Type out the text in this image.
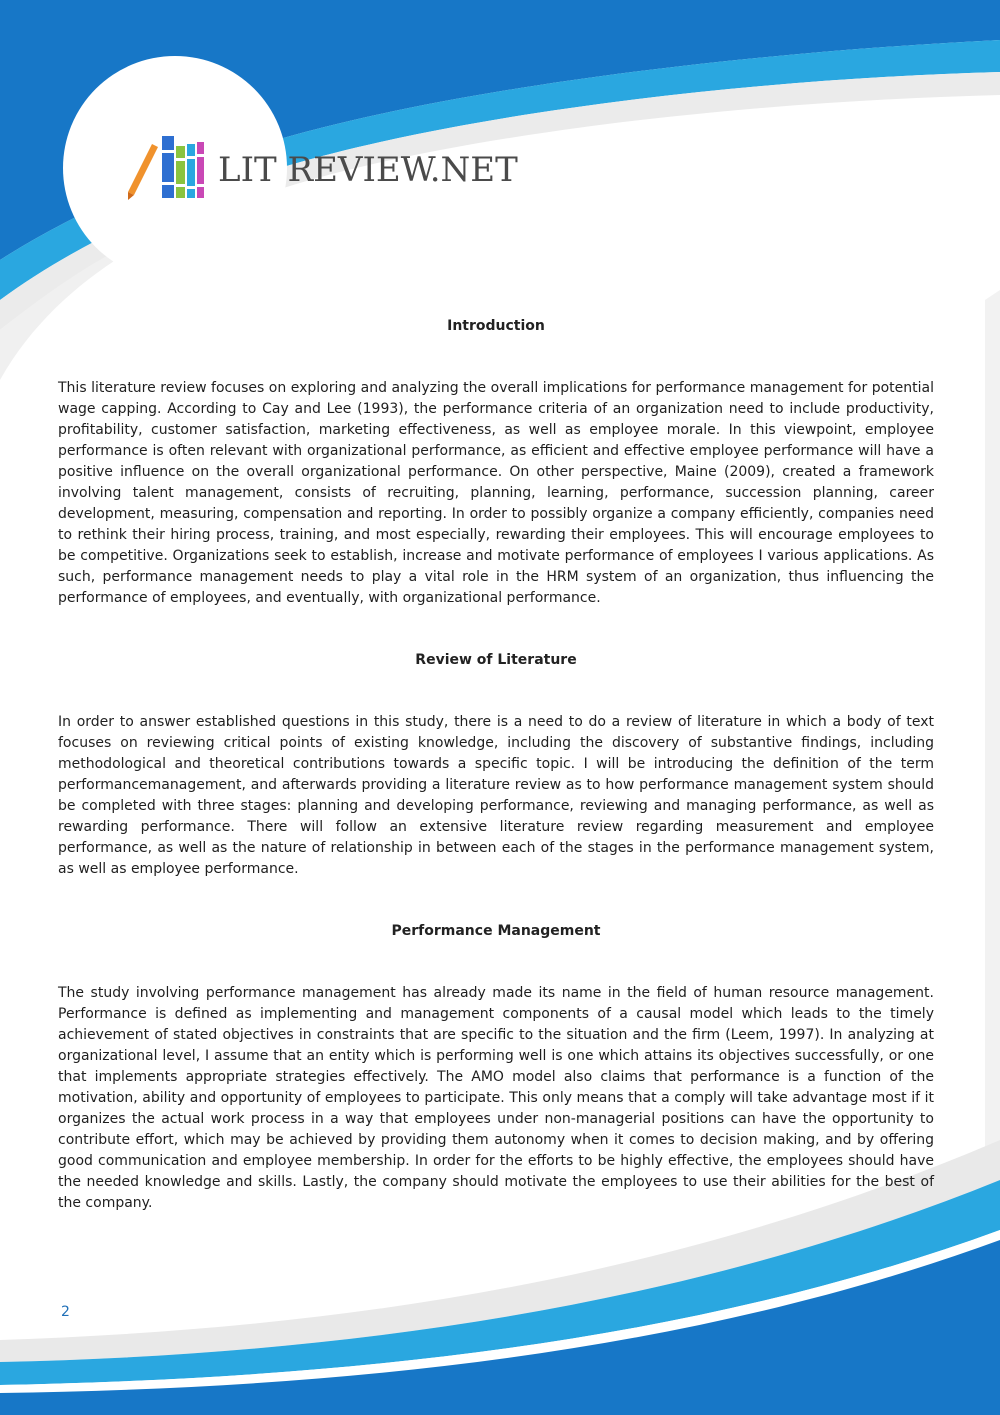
LIT REVIEW.NET
Introduction

This literature review focuses on exploring and analyzing the overall implications for performance management for potential wage capping. According to Cay and Lee (1993), the performance criteria of an organization need to include productivity, profitability, customer satisfaction, marketing effectiveness, as well as employee morale. In this viewpoint, employee performance is often relevant with organizational performance, as efficient and effective employee performance will have a positive influence on the overall organizational performance. On other perspective, Maine (2009), created a framework involving talent management, consists of recruiting, planning, learning, performance, succession planning, career development, measuring, compensation and reporting. In order to possibly organize a company efficiently, companies need to rethink their hiring process, training, and most especially, rewarding their employees. This will encourage employees to be competitive. Organizations seek to establish, increase and motivate performance of employees I various applications. As such, performance management needs to play a vital role in the HRM system of an organization, thus influencing the performance of employees, and eventually, with organizational performance.

Review of Literature

In order to answer established questions in this study, there is a need to do a review of literature in which a body of text focuses on reviewing critical points of existing knowledge, including the discovery of substantive findings, including methodological and theoretical contributions towards a specific topic. I will be introducing the definition of the term performancemanagement, and afterwards providing a literature review as to how performance management system should be completed with three stages: planning and developing performance, reviewing and managing performance, as well as rewarding performance. There will follow an extensive literature review regarding measurement and employee performance, as well as the nature of relationship in between each of the stages in the performance management system, as well as employee performance.

Performance Management

The study involving performance management has already made its name in the field of human resource management. Performance is defined as implementing and management components of a causal model which leads to the timely achievement of stated objectives in constraints that are specific to the situation and the firm (Leem, 1997). In analyzing at organizational level, I assume that an entity which is performing well is one which attains its objectives successfully, or one that implements appropriate strategies effectively. The AMO model also claims that performance is a function of the motivation, ability and opportunity of employees to participate. This only means that a comply will take advantage most if it organizes the actual work process in a way that employees under non-managerial positions can have the opportunity to contribute effort, which may be achieved by providing them autonomy when it comes to decision making, and by offering good communication and employee membership. In order for the efforts to be highly effective, the employees should have the needed knowledge and skills. Lastly, the company should motivate the employees to use their abilities for the best of the company.

2
